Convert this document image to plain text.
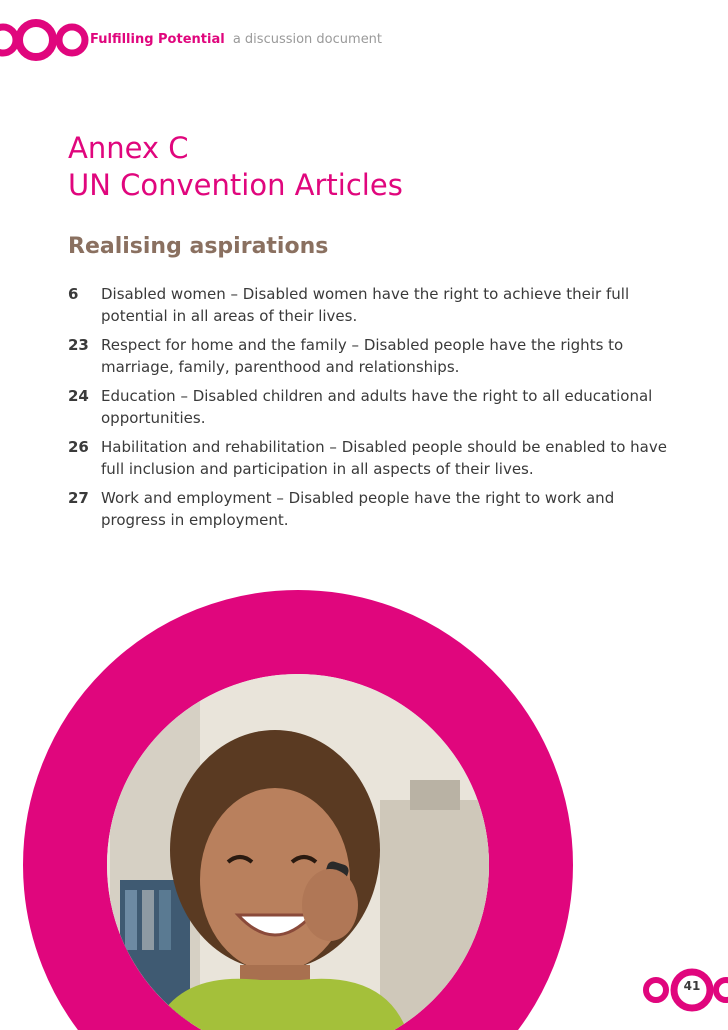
Fulfilling Potential a discussion document
Annex C
UN Convention Articles
Realising aspirations
6	Disabled women – Disabled women have the right to achieve their full potential in all areas of their lives.
23 Respect for home and the family – Disabled people have the rights to marriage, family, parenthood and relationships.
24 Education – Disabled children and adults have the right to all educational opportunities.
26 Habilitation and rehabilitation – Disabled people should be enabled to have full inclusion and participation in all aspects of their lives.
27 Work and employment – Disabled people have the right to work and progress in employment.
41
